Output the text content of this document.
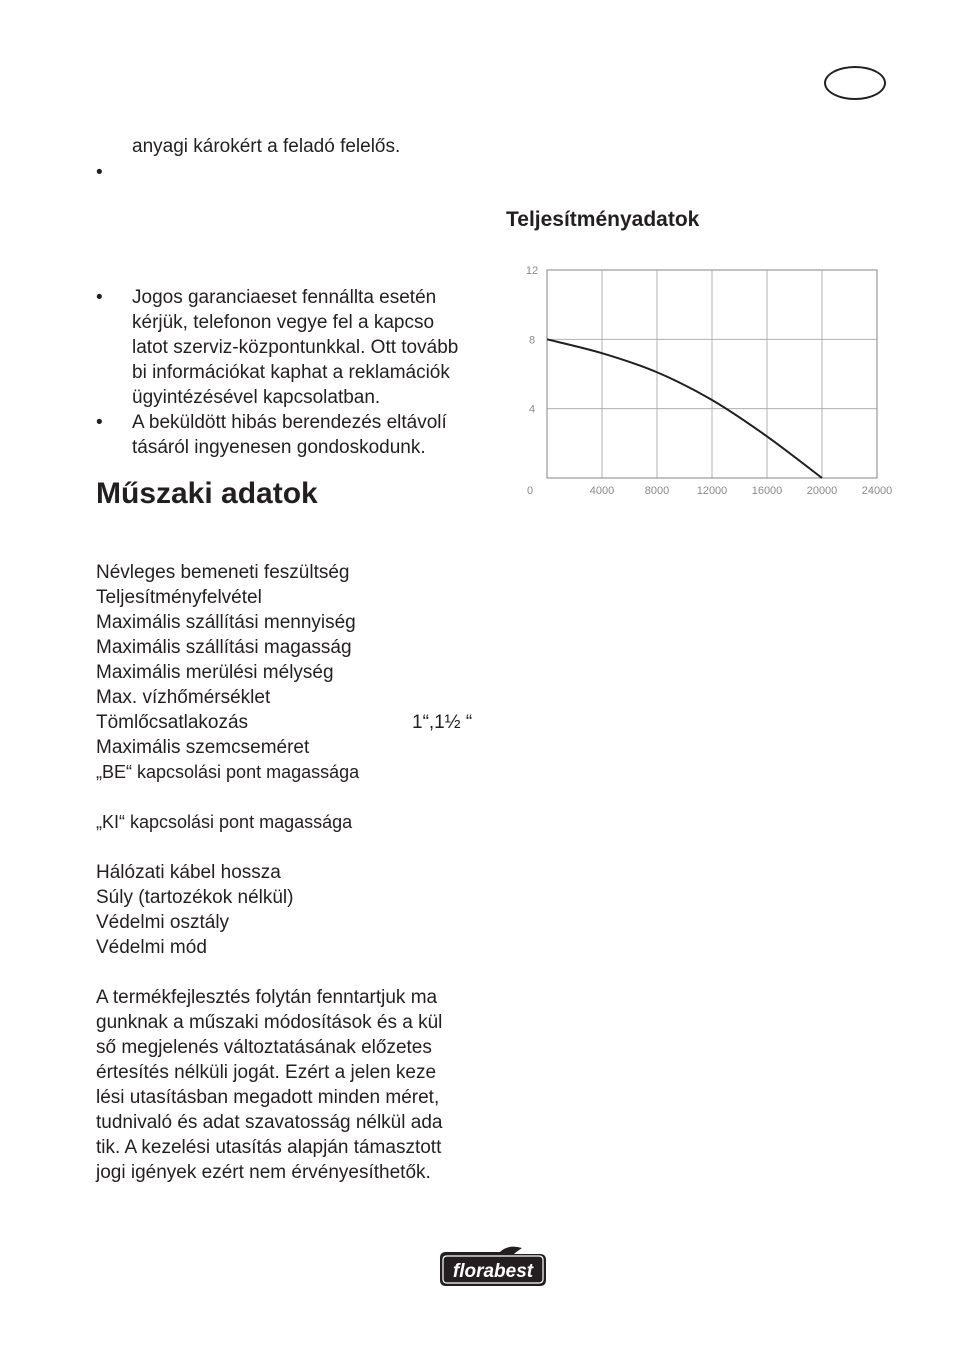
anyagi károkért a feladó felelős.
•
•	Jogos garanciaeset fennállta esetén
kérjük, telefonon vegye fel a kapcso
latot szerviz-központunkkal. Ott tovább
bi információkat kaphat a reklamációk
ügyintézésével kapcsolatban.
•	A beküldött hibás berendezés eltávolí
tásáról ingyenesen gondoskodunk.
Műszaki adatok
Névleges bemeneti feszültség
Teljesítményfelvétel
Maximális szállítási mennyiség
Maximális szállítási magasság
Maximális merülési mélység
Max. vízhőmérséklet
Tömlőcsatlakozás	1“,1½ “
Maximális szemcseméret
„BE“ kapcsolási pont magassága
„KI“ kapcsolási pont magassága
Hálózati kábel hossza
Súly (tartozékok nélkül)
Védelmi osztály
Védelmi mód
A termékfejlesztés folytán fenntartjuk ma
gunknak a műszaki módosítások és a kül
ső megjelenés változtatásának előzetes
értesítés nélküli jogát. Ezért a jelen keze
lési utasításban megadott minden méret,
tudnivaló és adat szavatosság nélkül ada
tik. A kezelési utasítás alapján támasztott
jogi igények ezért nem érvényesíthetők.
Teljesítményadatok
4
8
12
0	4000	8000 12000 16000 20000 24000
florabest
